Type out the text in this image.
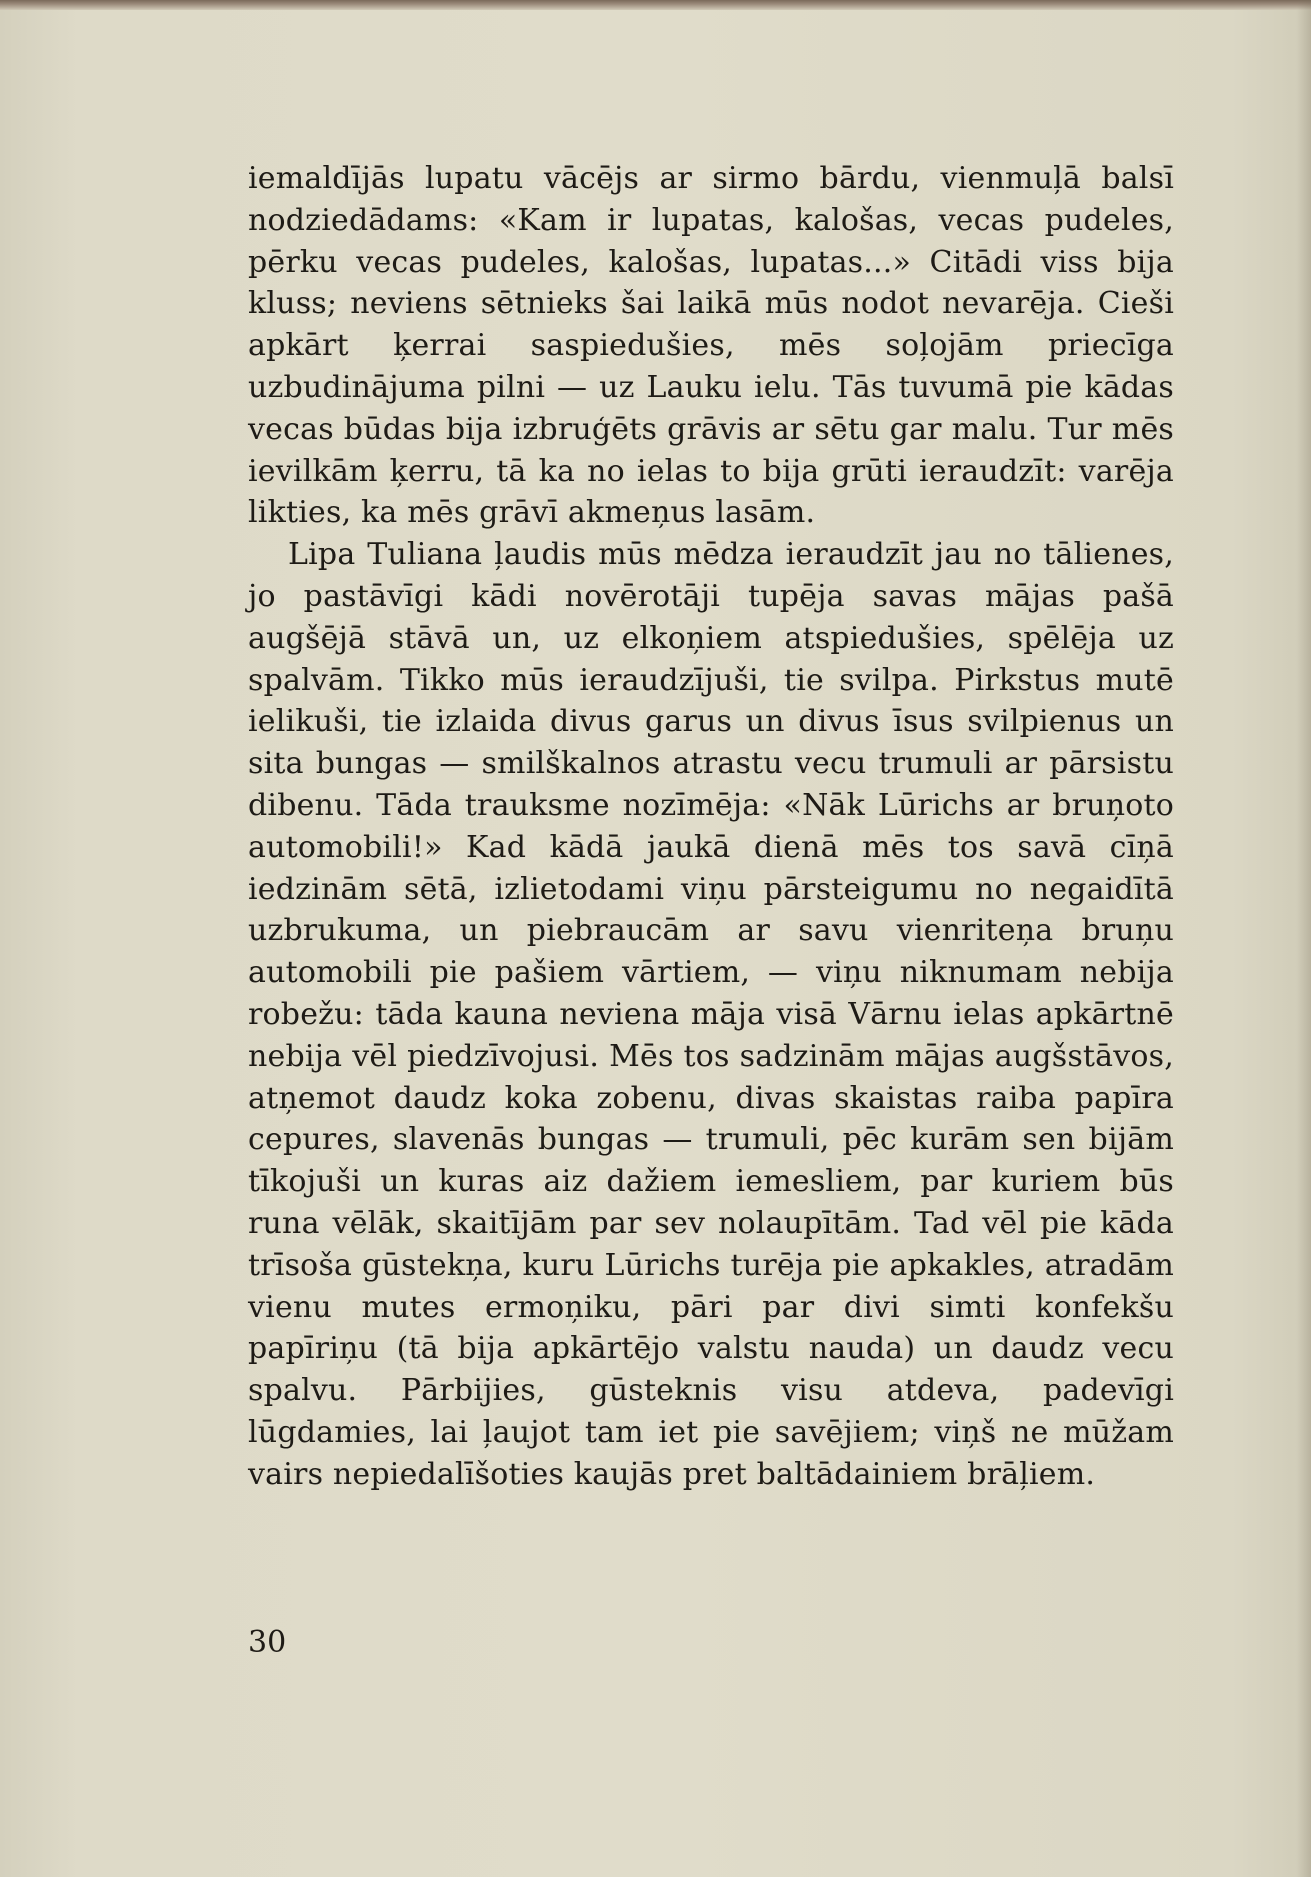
iemaldījās lupatu vācējs ar sirmo bārdu, vienmuļā balsī nodziedādams: «Kam ir lupatas, kalošas, vecas pudeles, pērku vecas pudeles, kalošas, lupatas...» Citādi viss bija kluss; neviens sētnieks šai laikā mūs nodot nevarēja. Cieši apkārt ķerrai saspiedušies, mēs soļojām priecīga uzbudinājuma pilni — uz Lauku ielu. Tās tuvumā pie kādas vecas būdas bija izbruģēts grāvis ar sētu gar malu. Tur mēs ievilkām ķerru, tā ka no ielas to bija grūti ieraudzīt: varēja likties, ka mēs grāvī akmeņus lasām.

Lipa Tuliana ļaudis mūs mēdza ieraudzīt jau no tālienes, jo pastāvīgi kādi novērotāji tupēja savas mājas pašā augšējā stāvā un, uz elkoņiem atspiedušies, spēlēja uz spalvām. Tikko mūs ieraudzījuši, tie svilpa. Pirkstus mutē ielikuši, tie izlaida divus garus un divus īsus svilpienus un sita bungas — smilškalnos atrastu vecu trumuli ar pārsistu dibenu. Tāda trauksme nozīmēja: «Nāk Lūrichs ar bruņoto automobili!» Kad kādā jaukā dienā mēs tos savā cīņā iedzinām sētā, izlietodami viņu pārsteigumu no negaidītā uzbrukuma, un piebraucām ar savu vienriteņa bruņu automobili pie pašiem vārtiem, — viņu niknumam nebija robežu: tāda kauna neviena māja visā Vārnu ielas apkārtnē nebija vēl piedzīvojusi. Mēs tos sadzinām mājas augšstāvos, atņemot daudz koka zobenu, divas skaistas raiba papīra cepures, slavenās bungas — trumuli, pēc kurām sen bijām tīkojuši un kuras aiz dažiem iemesliem, par kuriem būs runa vēlāk, skaitījām par sev nolaupītām. Tad vēl pie kāda trīsoša gūstekņa, kuru Lūrichs turēja pie apkakles, atradām vienu mutes ermoņiku, pāri par divi simti konfekšu papīriņu (tā bija apkārtējo valstu nauda) un daudz vecu spalvu. Pārbijies, gūsteknis visu atdeva, padevīgi lūgdamies, lai ļaujot tam iet pie savējiem; viņš ne mūžam vairs nepiedalīšoties kaujās pret baltādainiem brāļiem.

30
